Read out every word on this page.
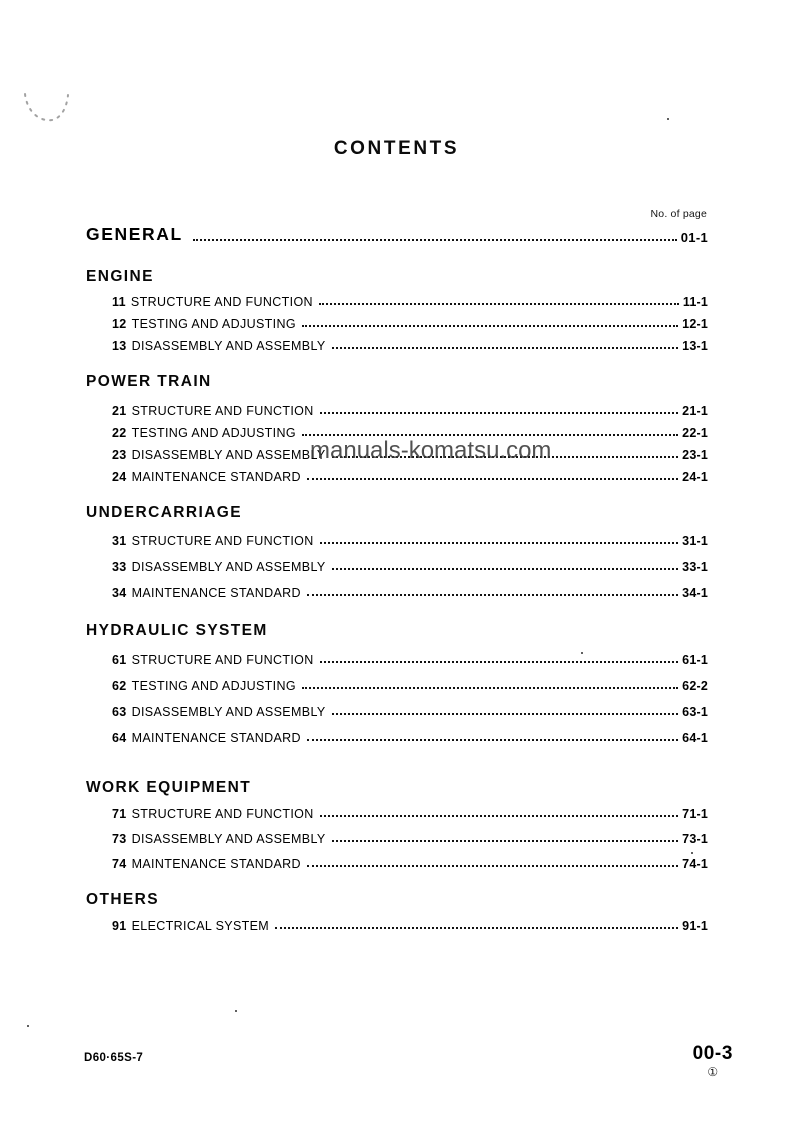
CONTENTS
No. of page
GENERAL	01-1
ENGINE
11 STRUCTURE AND FUNCTION	11-1
12 TESTING AND ADJUSTING	12-1
13 DISASSEMBLY AND ASSEMBLY	13-1
POWER TRAIN
21 STRUCTURE AND FUNCTION	21-1
22 TESTING AND ADJUSTING	22-1
23 DISASSEMBLY AND ASSEMBLY	23-1
24 MAINTENANCE STANDARD	24-1
UNDERCARRIAGE
31 STRUCTURE AND FUNCTION	31-1
33 DISASSEMBLY AND ASSEMBLY	33-1
34 MAINTENANCE STANDARD	34-1
HYDRAULIC SYSTEM
61 STRUCTURE AND FUNCTION	61-1
62 TESTING AND ADJUSTING	62-2
63 DISASSEMBLY AND ASSEMBLY	63-1
64 MAINTENANCE STANDARD	64-1
WORK EQUIPMENT
71 STRUCTURE AND FUNCTION	71-1
73 DISASSEMBLY AND ASSEMBLY	73-1
74 MAINTENANCE STANDARD	74-1
OTHERS
91 ELECTRICAL SYSTEM	91-1
manuals-komatsu.com
D60·65S-7	00-3
①
